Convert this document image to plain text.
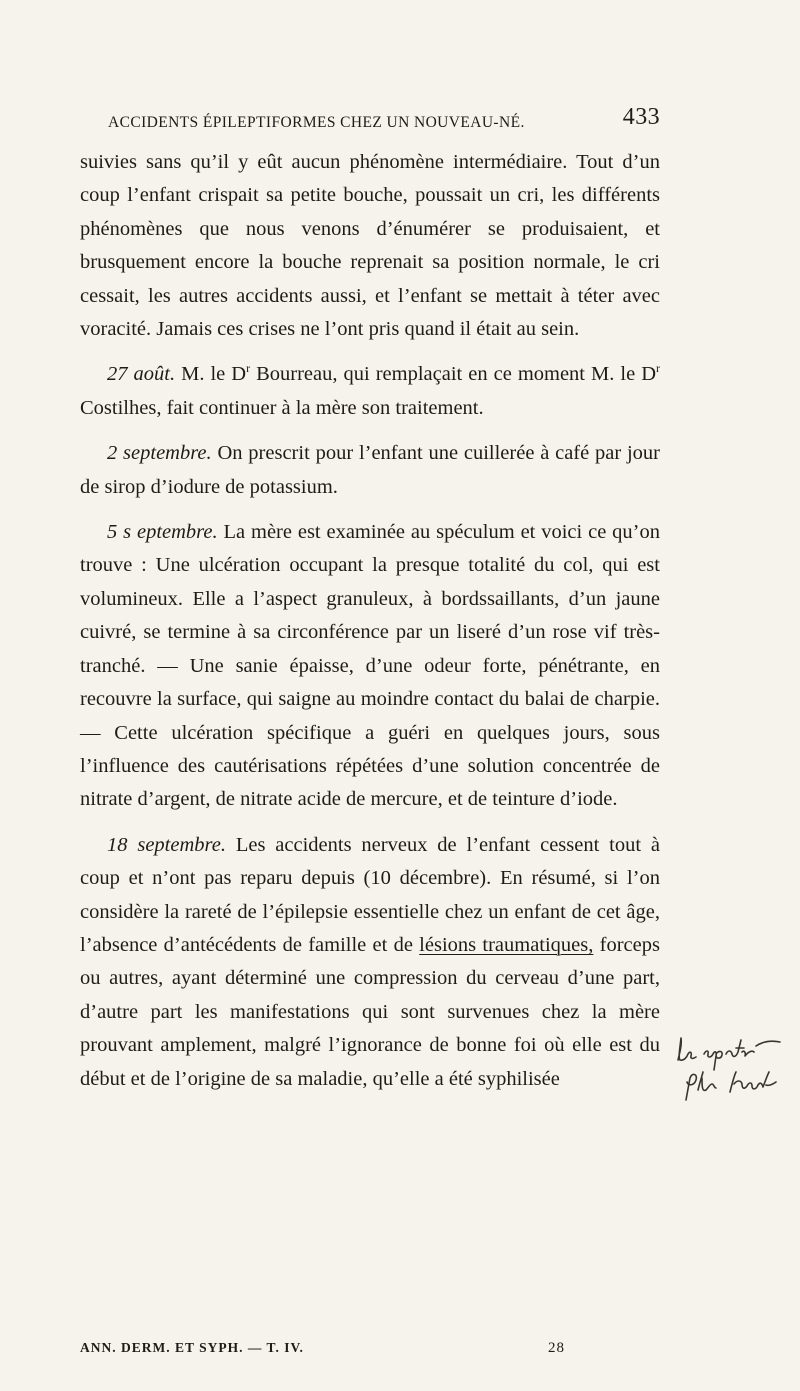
ACCIDENTS ÉPILEPTIFORMES CHEZ UN NOUVEAU-NÉ.	433

suivies sans qu’il y eût aucun phénomène intermédiaire. Tout d’un coup l’enfant crispait sa petite bouche, poussait un cri, les différents phénomènes que nous venons d’énumérer se produisaient, et brusquement encore la bouche reprenait sa position normale, le cri cessait, les autres accidents aussi, et l’enfant se mettait à téter avec voracité. Jamais ces crises ne l’ont pris quand il était au sein.

27 août. M. le $D^r$ Bourreau, qui remplaçait en ce moment M. le $D^r$ Costilhes, fait continuer à la mère son traitement.

2 septembre. On prescrit pour l’enfant une cuillerée à café par jour de sirop d’iodure de potassium.

5 s eptembre. La mère est examinée au spéculum et voici ce qu’on trouve : Une ulcération occupant la presque totalité du col, qui est volumineux. Elle a l’aspect granuleux, à bordssaillants, d’un jaune cuivré, se termine à sa circonférence par un liseré d’un rose vif très-tranché. — Une sanie épaisse, d’une odeur forte, pénétrante, en recouvre la surface, qui saigne au moindre contact du balai de charpie. — Cette ulcération spécifique a guéri en quelques jours, sous l’influence des cautérisations répétées d’une solution concentrée de nitrate d’argent, de nitrate acide de mercure, et de teinture d’iode.

18 septembre. Les accidents nerveux de l’enfant cessent tout à coup et n’ont pas reparu depuis (10 décembre). En résumé, si l’on considère la rareté de l’épilepsie essentielle chez un enfant de cet âge, l’absence d’antécédents de famille et de lésions traumatiques, forceps ou autres, ayant déterminé une compression du cerveau d’une part, d’autre part les manifestations qui sont survenues chez la mère prouvant amplement, malgré l’ignorance de bonne foi où elle est du début et de l’origine de sa maladie, qu’elle a été syphilisée

ANN. DERM. ET SYPH. — T. IV.	28
